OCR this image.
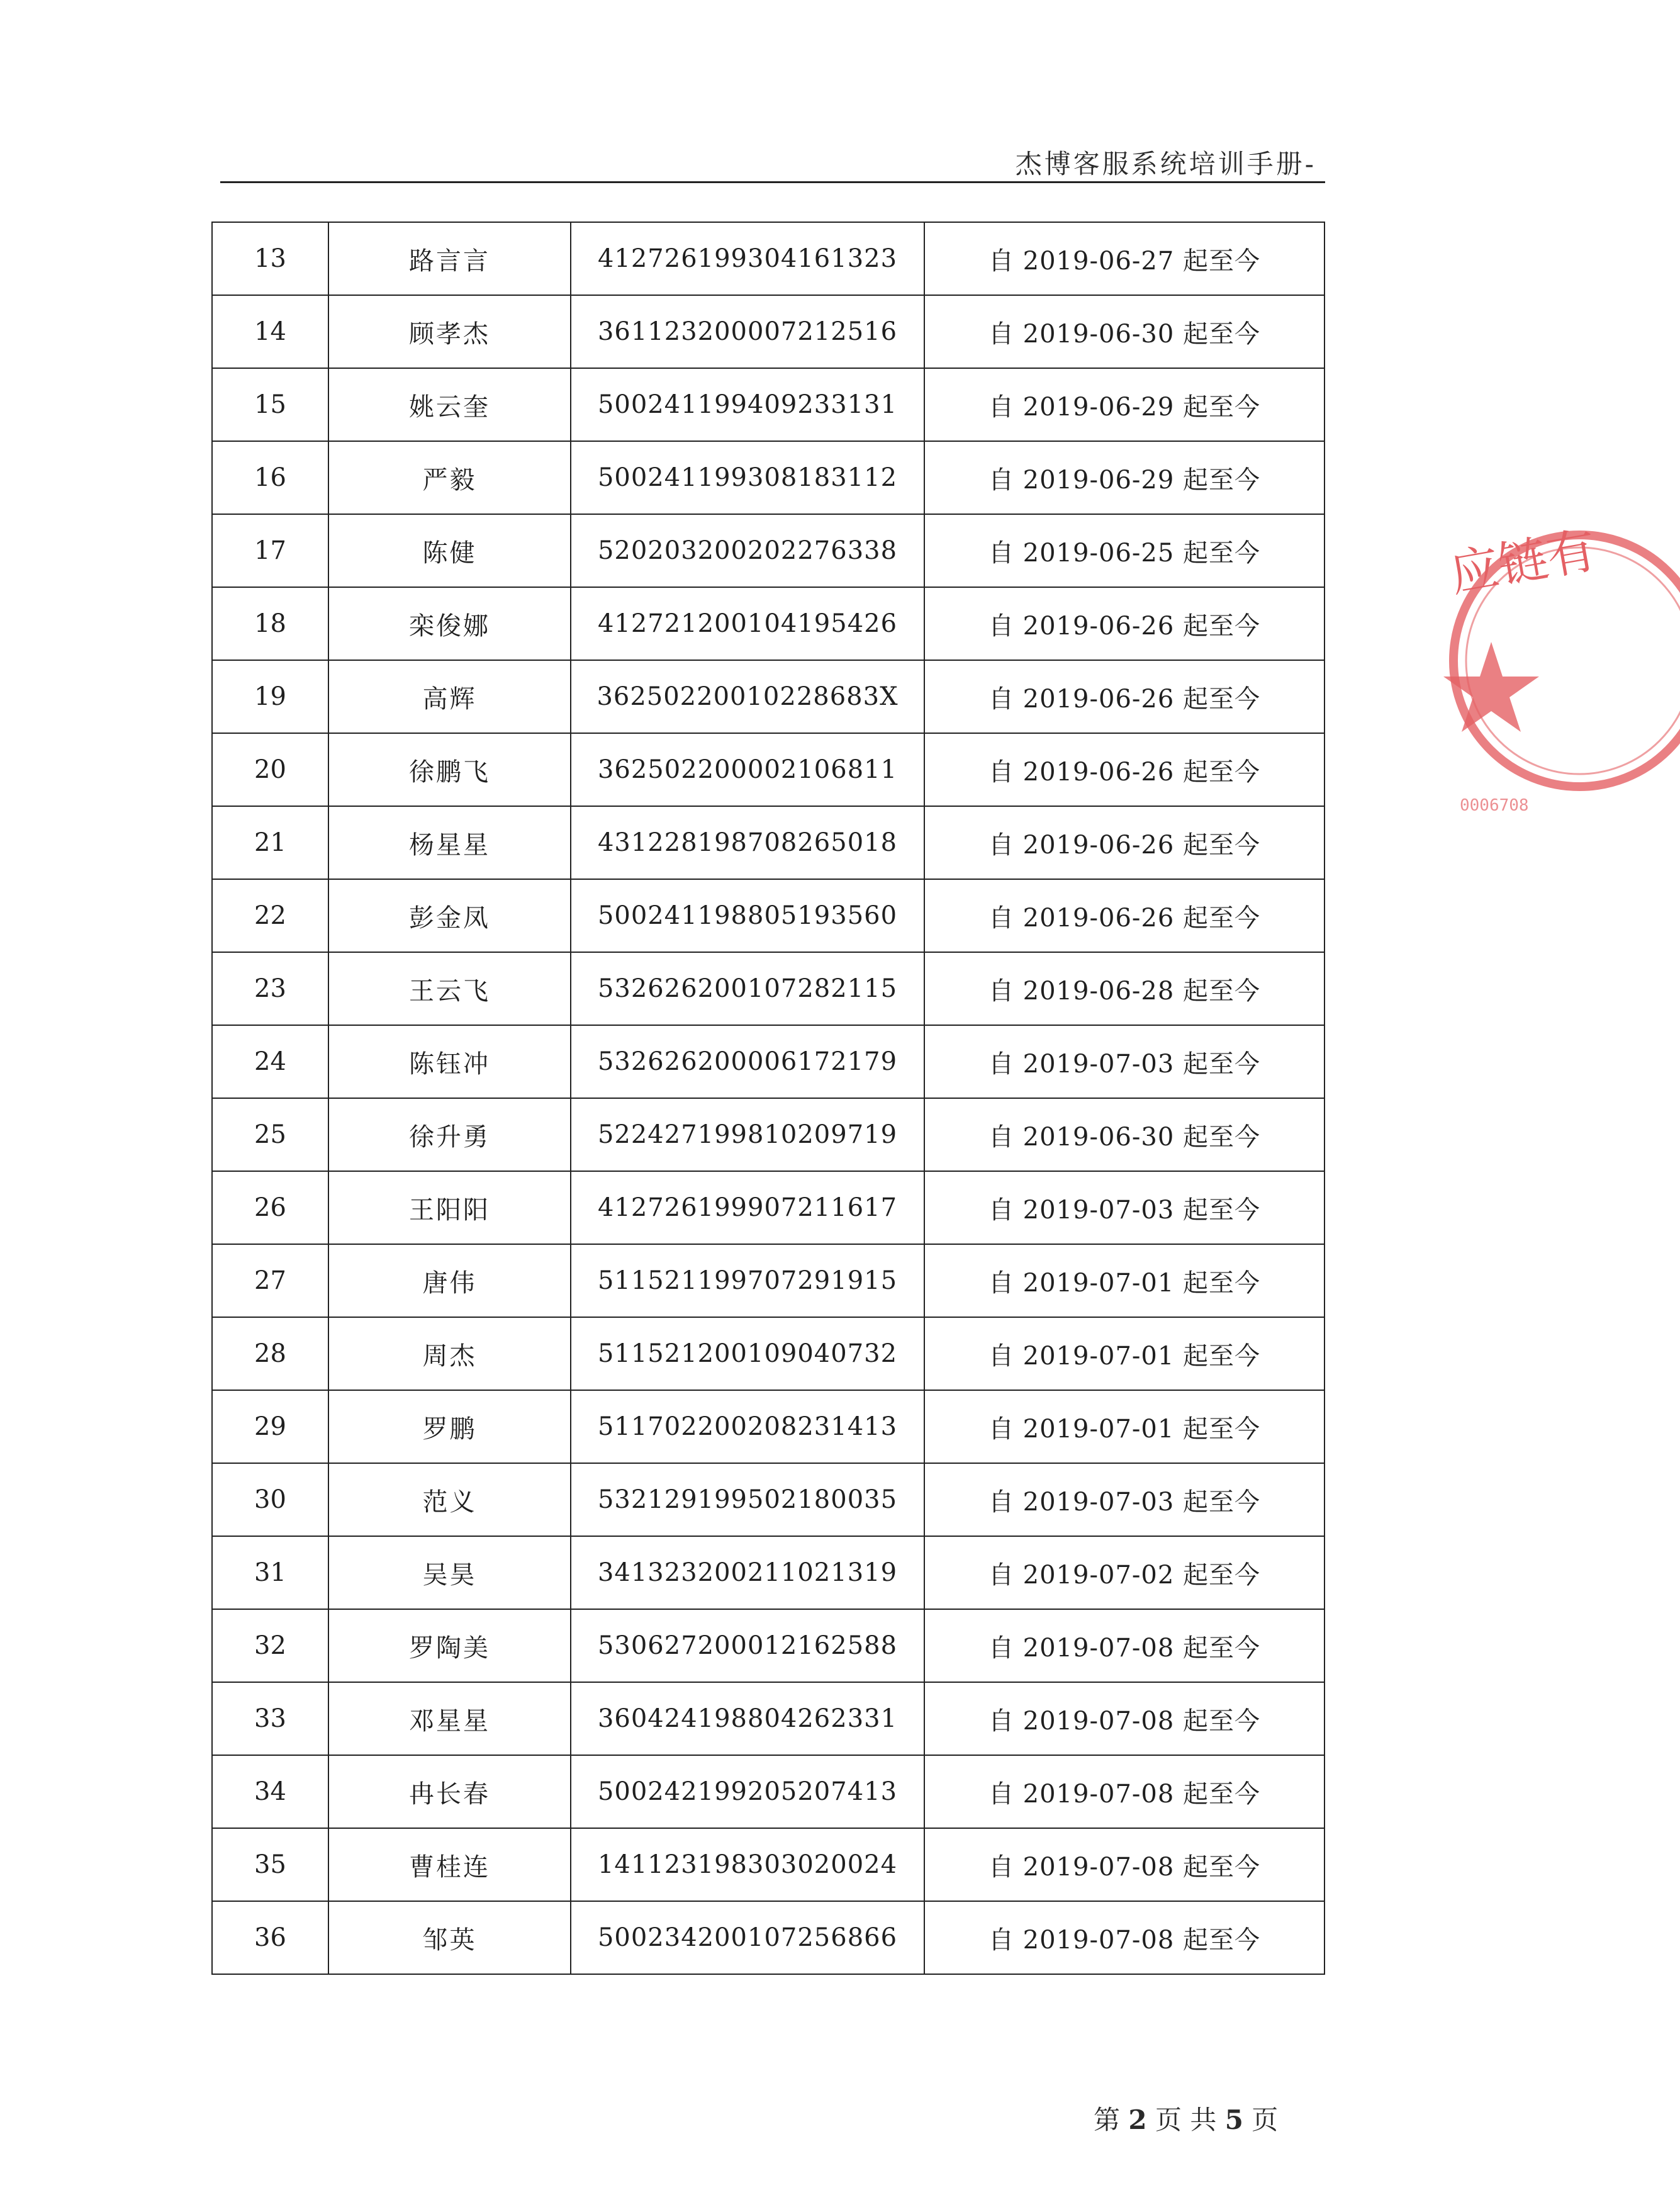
杰博客服系统培训手册-
13	路言言	412726199304161323	自 2019-06-27 起至今
14	顾孝杰	361123200007212516	自 2019-06-30 起至今
15	姚云奎	500241199409233131	自 2019-06-29 起至今
16	严毅	500241199308183112	自 2019-06-29 起至今
17	陈健	520203200202276338	自 2019-06-25 起至今
18	栾俊娜	412721200104195426	自 2019-06-26 起至今
19	高辉	36250220010228683X	自 2019-06-26 起至今
20	徐鹏飞	362502200002106811	自 2019-06-26 起至今
21	杨星星	431228198708265018	自 2019-06-26 起至今
22	彭金凤	500241198805193560	自 2019-06-26 起至今
23	王云飞	532626200107282115	自 2019-06-28 起至今
24	陈钰冲	532626200006172179	自 2019-07-03 起至今
25	徐升勇	522427199810209719	自 2019-06-30 起至今
26	王阳阳	412726199907211617	自 2019-07-03 起至今
27	唐伟	511521199707291915	自 2019-07-01 起至今
28	周杰	511521200109040732	自 2019-07-01 起至今
29	罗鹏	511702200208231413	自 2019-07-01 起至今
30	范义	532129199502180035	自 2019-07-03 起至今
31	吴昊	341323200211021319	自 2019-07-02 起至今
32	罗陶美	530627200012162588	自 2019-07-08 起至今
33	邓星星	360424198804262331	自 2019-07-08 起至今
34	冉长春	500242199205207413	自 2019-07-08 起至今
35	曹桂连	141123198303020024	自 2019-07-08 起至今
36	邹英	500234200107256866	自 2019-07-08 起至今
应链有
0006708
第 2 页 共 5 页
